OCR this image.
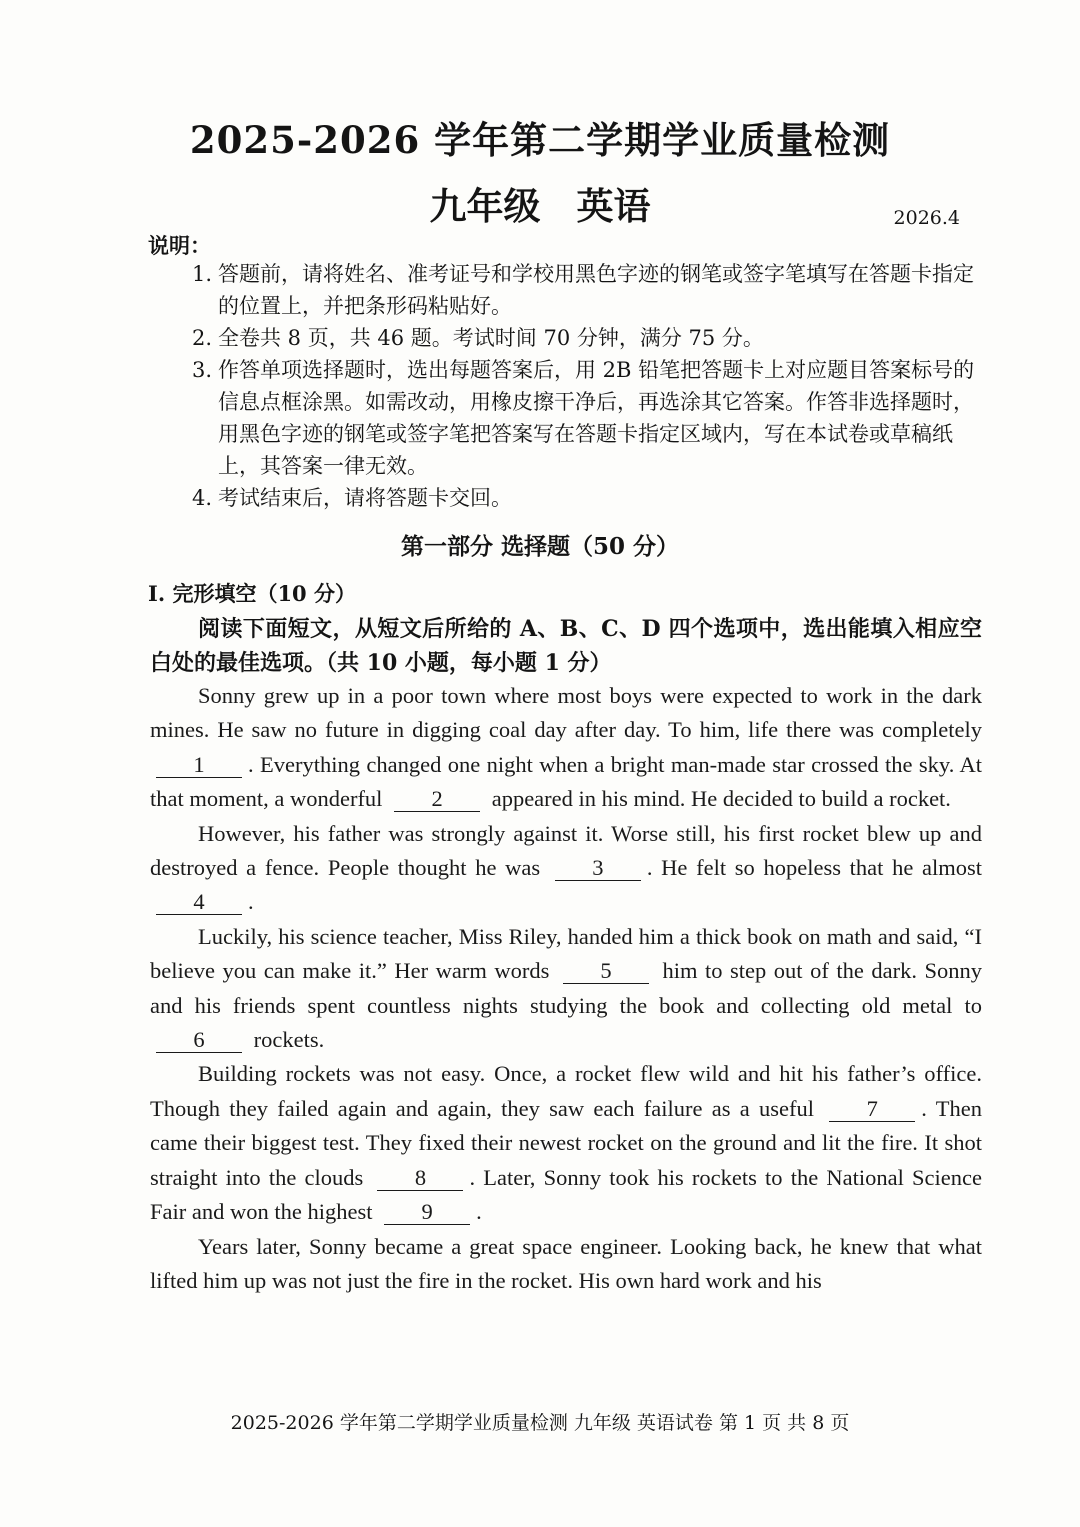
2025-2026 学年第二学期学业质量检测
九年级 英语	2026.4
说明：
1. 答题前，请将姓名、准考证号和学校用黑色字迹的钢笔或签字笔填写在答题卡指定的位置上，并把条形码粘贴好。
2. 全卷共 8 页，共 46 题。考试时间 70 分钟，满分 75 分。
3. 作答单项选择题时，选出每题答案后，用 2B 铅笔把答题卡上对应题目答案标号的信息点框涂黑。如需改动，用橡皮擦干净后，再选涂其它答案。作答非选择题时，用黑色字迹的钢笔或签字笔把答案写在答题卡指定区域内，写在本试卷或草稿纸上，其答案一律无效。
4. 考试结束后，请将答题卡交回。
第一部分 选择题（50 分）
I. 完形填空（10 分）
阅读下面短文，从短文后所给的 A、B、C、D 四个选项中，选出能填入相应空白处的最佳选项。（共 10 小题，每小题 1 分）

Sonny grew up in a poor town where most boys were expected to work in the dark mines. He saw no future in digging coal day after day. To him, life there was completely1 . Everything changed one night when a bright man-made star crossed the sky. At that moment, a wonderful 2 appeared in his mind. He decided to build a rocket.

However, his father was strongly against it. Worse still, his first rocket blew up and destroyed a fence. People thought he was 3 . He felt so hopeless that he almost 4 .

Luckily, his science teacher, Miss Riley, handed him a thick book on math and said, “I believe you can make it.” Her warm words 5 him to step out of the dark. Sonny and his friends spent countless nights studying the book and collecting old metal to 6 rockets.

Building rockets was not easy. Once, a rocket flew wild and hit his father’s office. Though they failed again and again, they saw each failure as a useful 7 . Then came their biggest test. They fixed their newest rocket on the ground and lit the fire. It shot straight into the clouds 8 . Later, Sonny took his rockets to the National Science Fair and won the highest 9 .

Years later, Sonny became a great space engineer. Looking back, he knew that what lifted him up was not just the fire in the rocket. His own hard work and his

2025-2026 学年第二学期学业质量检测 九年级 英语试卷 第 1 页 共 8 页
